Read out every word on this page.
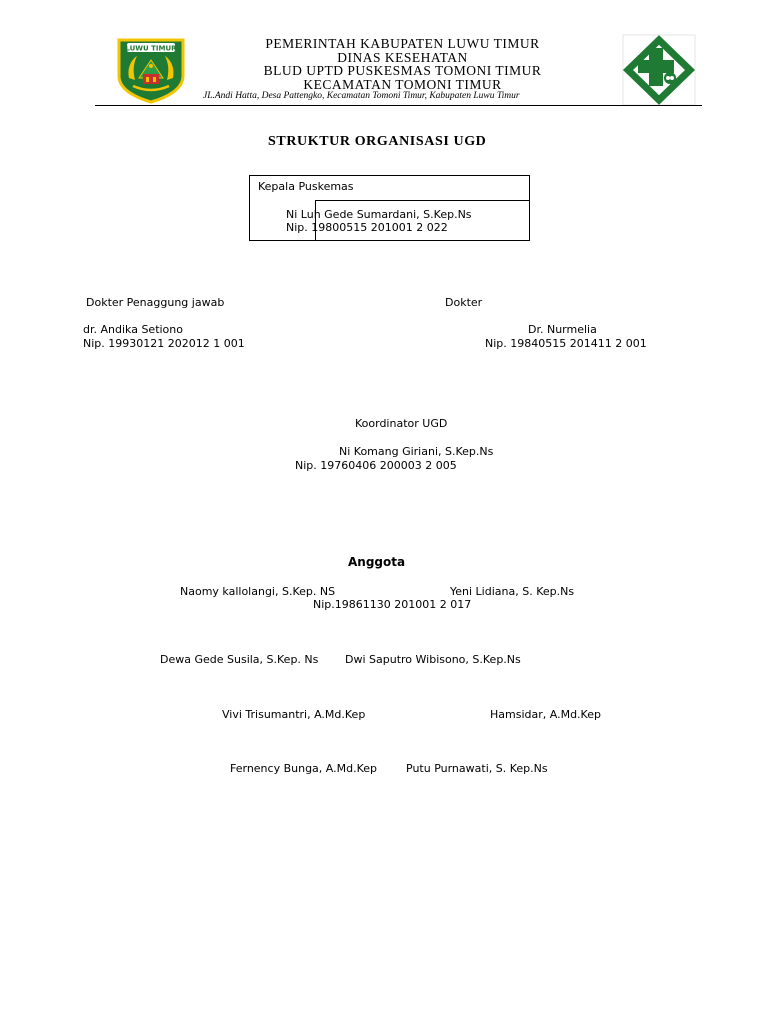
LUWU TIMUR	PEMERINTAH KABUPATEN LUWU TIMUR
DINAS KESEHATAN
BLUD UPTD PUSKESMAS TOMONI TIMUR
KECAMATAN TOMONI TIMUR
JL.Andi Hatta, Desa Pattengko, Kecamatan Tomoni Timur, Kabupaten Luwu Timur
STRUKTUR ORGANISASI UGD
Kepala Puskemas
Ni Luh Gede Sumardani, S.Kep.Ns
Nip. 19800515 201001 2 022
Dokter Penaggung jawab
dr. Andika Setiono
Nip. 19930121 202012 1 001
Dokter
Dr. Nurmelia
Nip. 19840515 201411 2 001
Koordinator UGD
Ni Komang Giriani, S.Kep.Ns
Nip. 19760406 200003 2 005
Anggota
Naomy kallolangi, S.Kep. NS	Yeni Lidiana, S. Kep.Ns
Nip.19861130 201001 2 017
Dewa Gede Susila, S.Kep. Ns Dwi Saputro Wibisono, S.Kep.Ns
Vivi Trisumantri, A.Md.Kep	Hamsidar, A.Md.Kep
Fernency Bunga, A.Md.Kep	Putu Purnawati, S. Kep.Ns
